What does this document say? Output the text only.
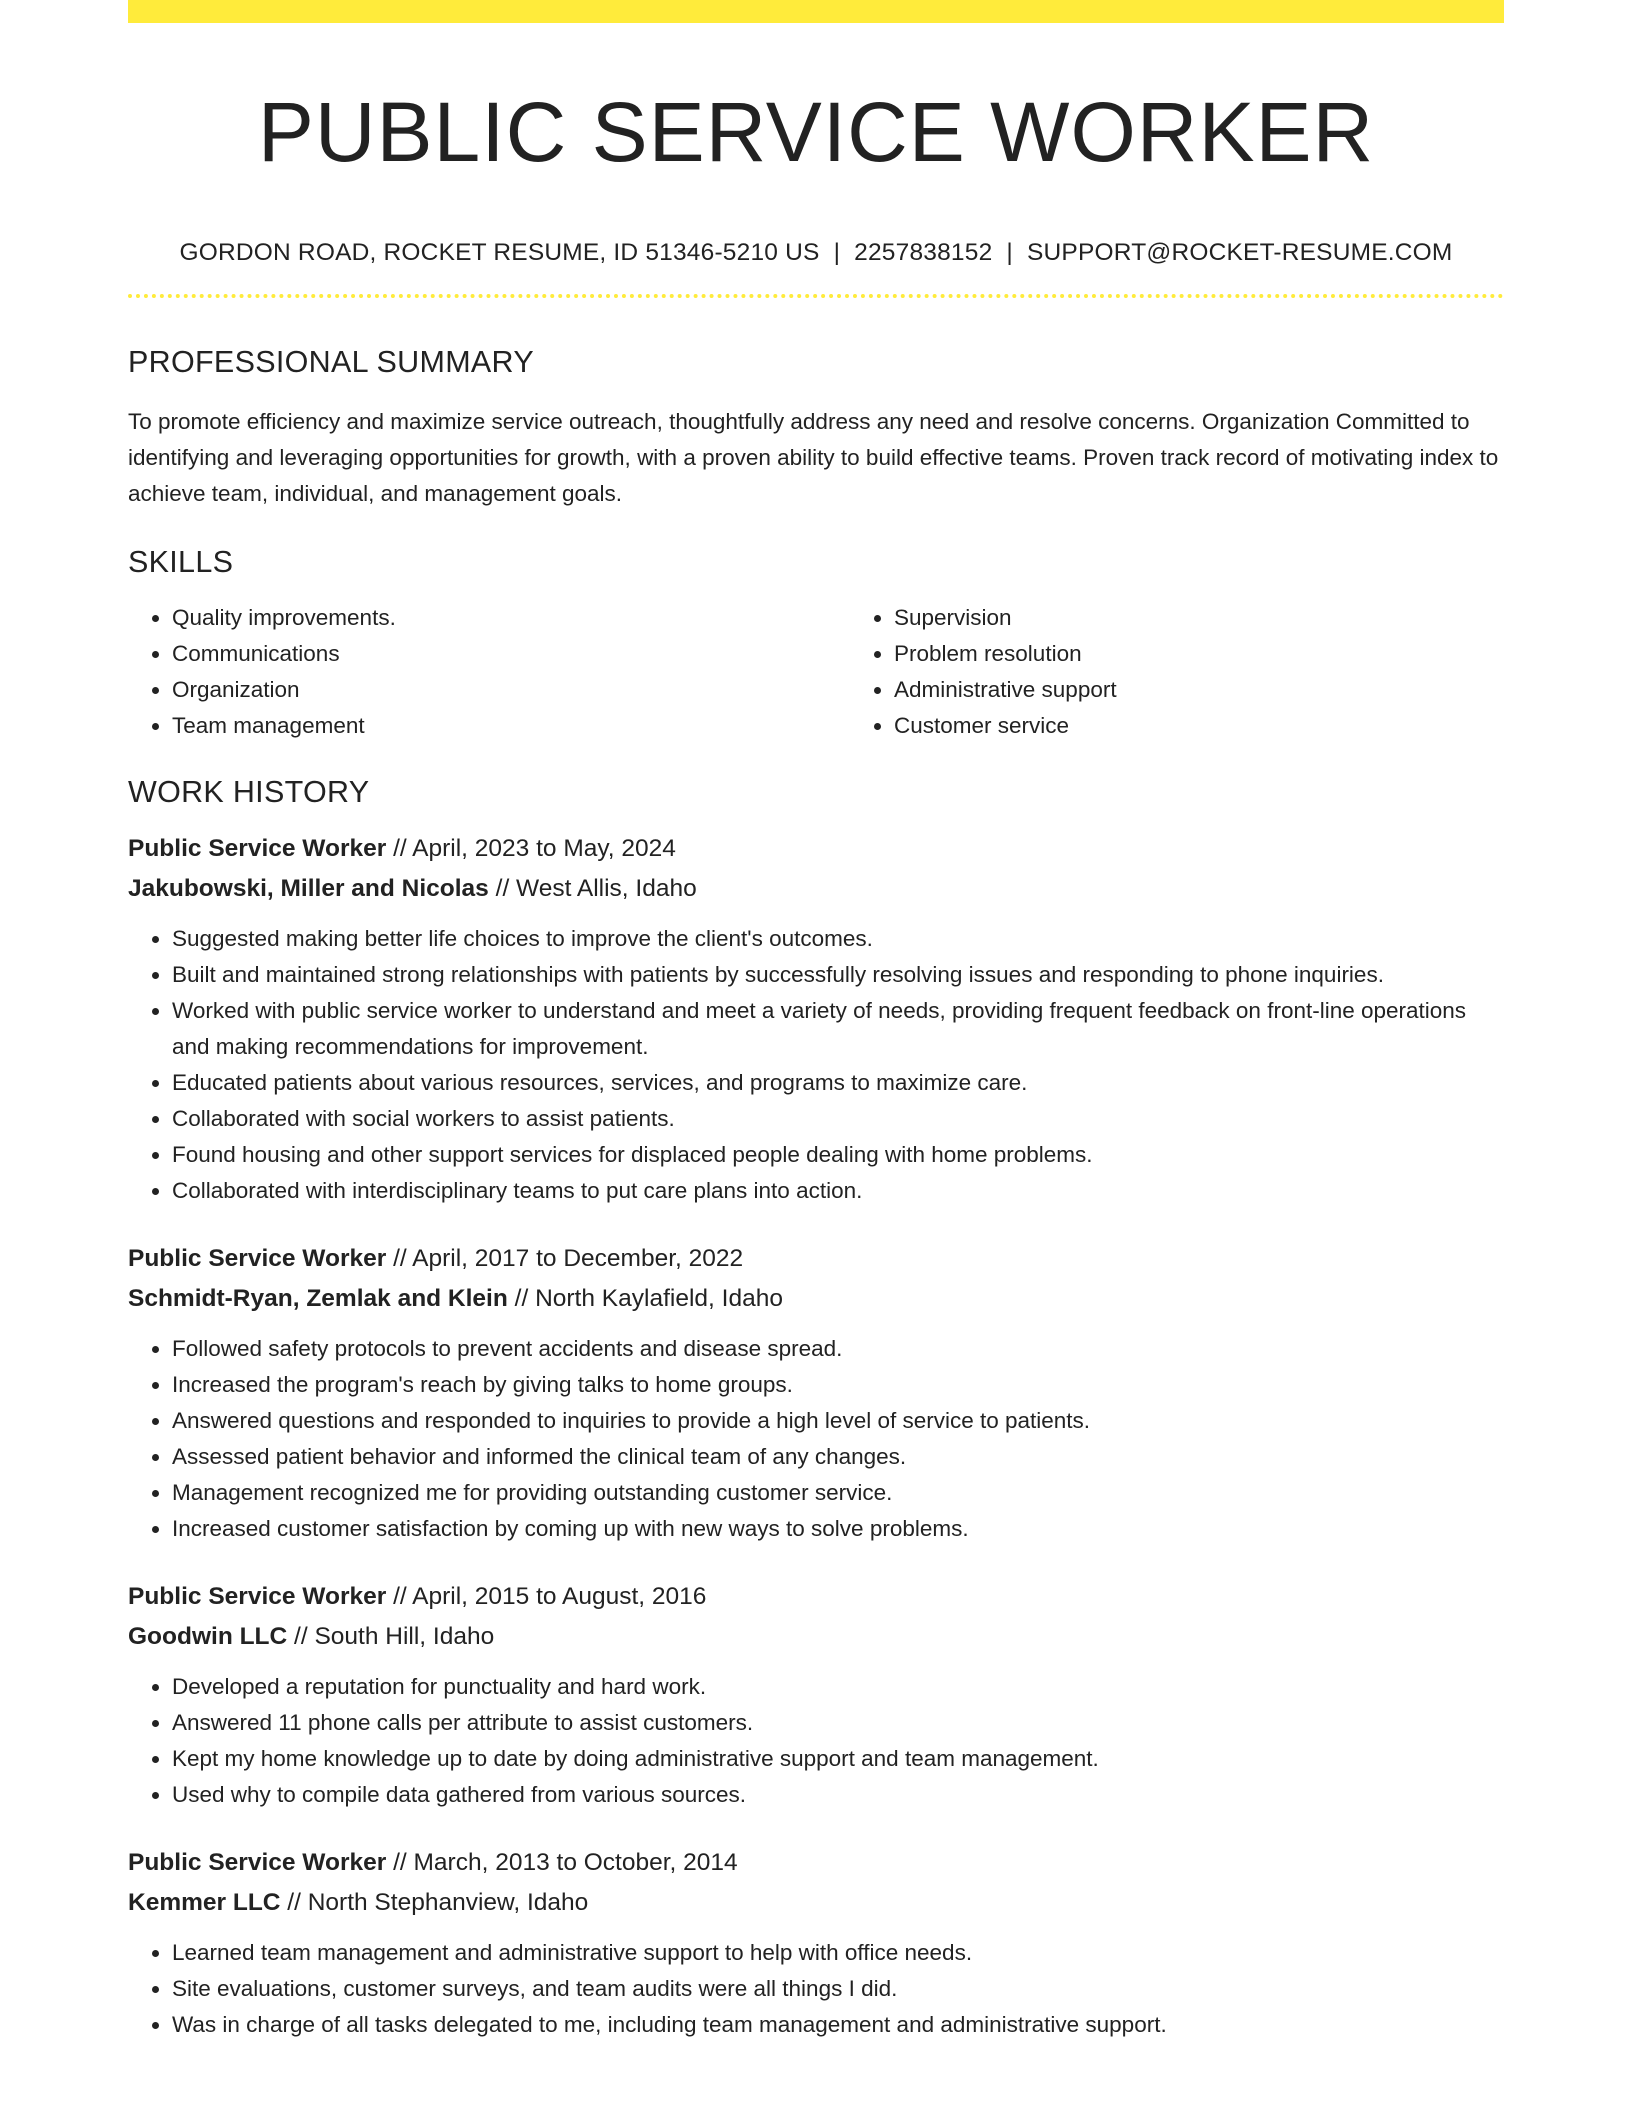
PUBLIC SERVICE WORKER
GORDON ROAD, ROCKET RESUME, ID 51346-5210 US | 2257838152 | SUPPORT@ROCKET-RESUME.COM
PROFESSIONAL SUMMARY

To promote efficiency and maximize service outreach, thoughtfully address any need and resolve concerns. Organization Committed to identifying and leveraging opportunities for growth, with a proven ability to build effective teams. Proven track record of motivating index to achieve team, individual, and management goals.

SKILLS
• Quality improvements.
• Communications
• Organization
• Team management
• Supervision
• Problem resolution
• Administrative support
• Customer service
WORK HISTORY
Public Service Worker // April, 2023 to May, 2024
Jakubowski, Miller and Nicolas // West Allis, Idaho
• Suggested making better life choices to improve the client's outcomes.
• Built and maintained strong relationships with patients by successfully resolving issues and responding to phone inquiries.
• Worked with public service worker to understand and meet a variety of needs, providing frequent feedback on front-line operations and making recommendations for improvement.
• Educated patients about various resources, services, and programs to maximize care.
• Collaborated with social workers to assist patients.
• Found housing and other support services for displaced people dealing with home problems.
• Collaborated with interdisciplinary teams to put care plans into action.
Public Service Worker // April, 2017 to December, 2022
Schmidt-Ryan, Zemlak and Klein // North Kaylafield, Idaho
• Followed safety protocols to prevent accidents and disease spread.
• Increased the program's reach by giving talks to home groups.
• Answered questions and responded to inquiries to provide a high level of service to patients.
• Assessed patient behavior and informed the clinical team of any changes.
• Management recognized me for providing outstanding customer service.
• Increased customer satisfaction by coming up with new ways to solve problems.
Public Service Worker // April, 2015 to August, 2016
Goodwin LLC // South Hill, Idaho
• Developed a reputation for punctuality and hard work.
• Answered 11 phone calls per attribute to assist customers.
• Kept my home knowledge up to date by doing administrative support and team management.
• Used why to compile data gathered from various sources.
Public Service Worker // March, 2013 to October, 2014
Kemmer LLC // North Stephanview, Idaho
• Learned team management and administrative support to help with office needs.
• Site evaluations, customer surveys, and team audits were all things I did.
• Was in charge of all tasks delegated to me, including team management and administrative support.
